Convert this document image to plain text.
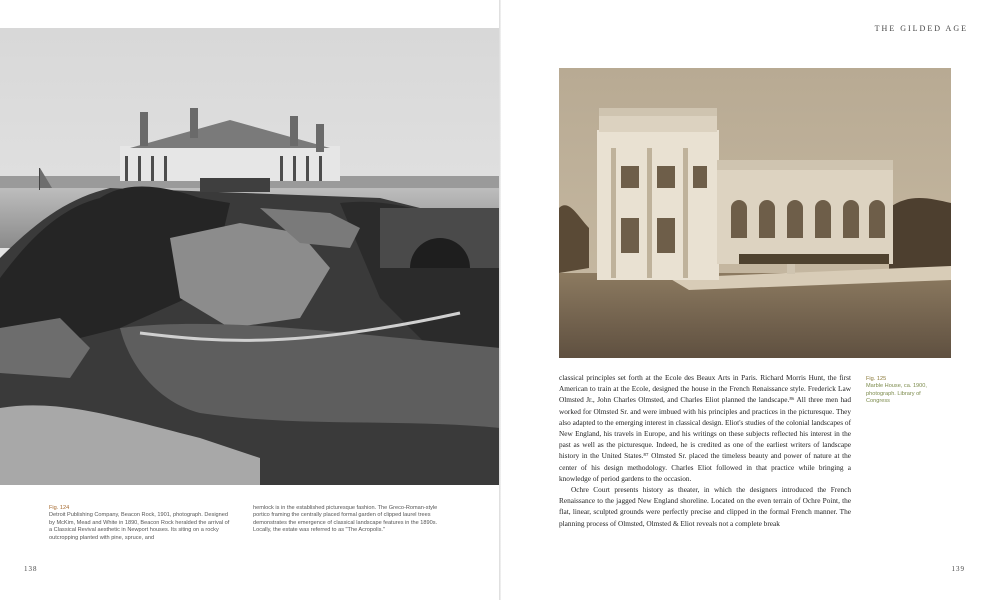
THE GILDED AGE
Fig. 125
Marble House, ca. 1900, photograph. Library of Congress

classical principles set forth at the Ecole des Beaux Arts in Paris. Richard Morris Hunt, the first American to train at the Ecole, designed the house in the French Renaissance style. Frederick Law Olmsted Jr., John Charles Olmsted, and Charles Eliot planned the landscape.⁸⁶ All three men had worked for Olmsted Sr. and were imbued with his principles and practices in the picturesque. They also adapted to the emerging interest in classical design. Eliot's studies of the colonial landscapes of New England, his travels in Europe, and his writings on these subjects reflected his interest in the past as well as the picturesque. Indeed, he is credited as one of the earliest writers of landscape history in the United States.⁸⁷ Olmsted Sr. placed the timeless beauty and power of nature at the center of his design methodology. Charles Eliot followed in that practice while bringing a knowledge of period gardens to the occasion.

Ochre Court presents history as theater, in which the designers introduced the French Renaissance to the jagged New England shoreline. Located on the even terrain of Ochre Point, the flat, linear, sculpted grounds were perfectly precise and clipped in the formal French manner. The planning process of Olmsted, Olmsted & Eliot reveals not a complete break

Fig. 124
Detroit Publishing Company, Beacon Rock, 1901, photograph. Designed by McKim, Mead and White in 1890, Beacon Rock heralded the arrival of a Classical Revival aesthetic in Newport houses. Its siting on a rocky outcropping planted with pine, spruce, and
hemlock is in the established picturesque fashion. The Greco-Roman-style portico framing the centrally placed formal garden of clipped laurel trees demonstrates the emergence of classical landscape features in the 1890s. Locally, the estate was referred to as "The Acropolis."
138	139
